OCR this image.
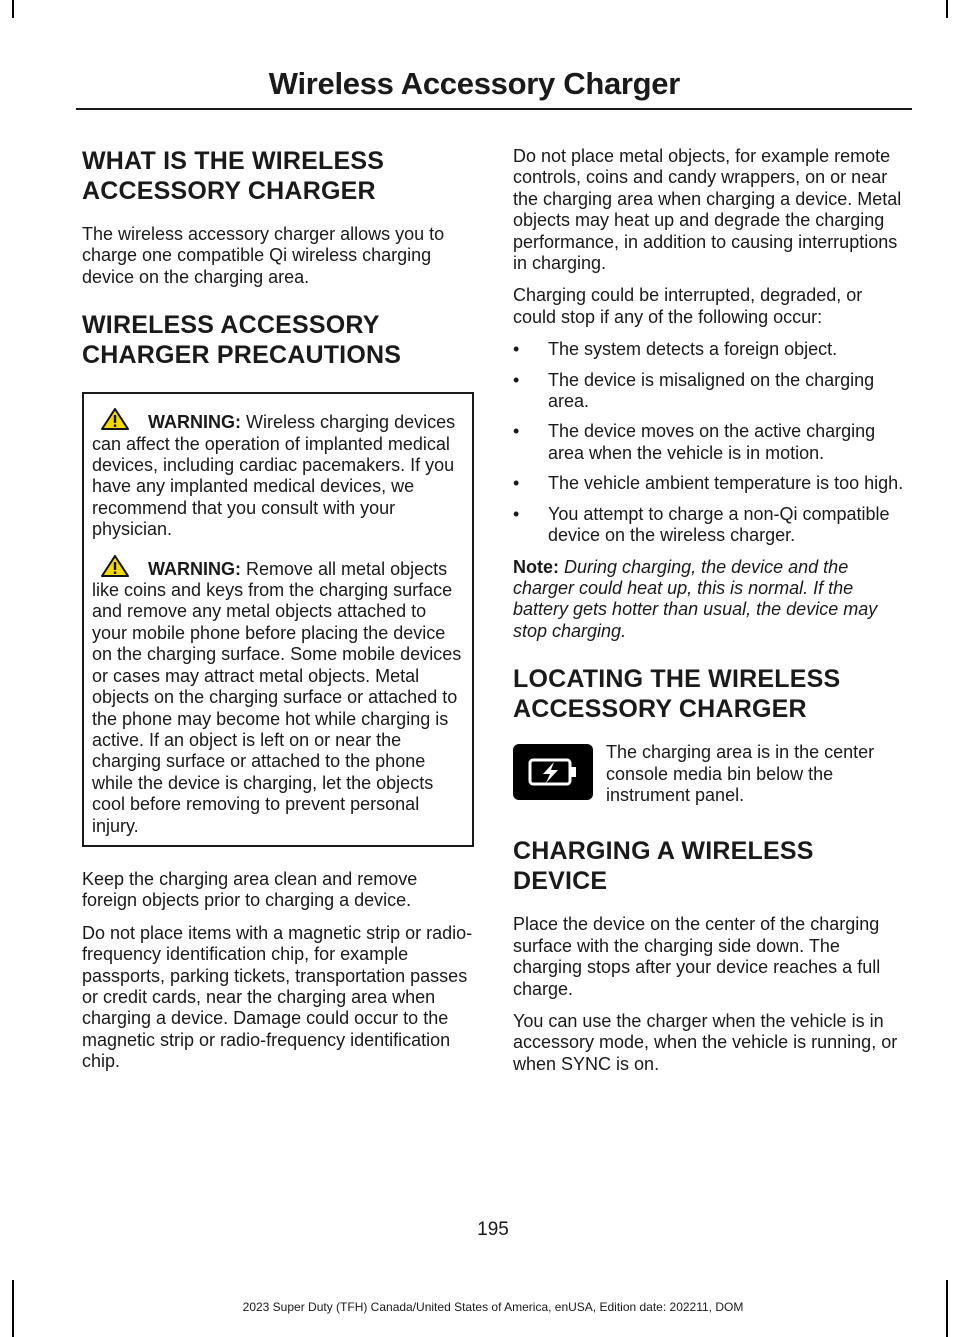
Wireless Accessory Charger
WHAT IS THE WIRELESS
ACCESSORY CHARGER

The wireless accessory charger allows you to charge one compatible Qi wireless charging device on the charging area.

WIRELESS ACCESSORY
CHARGER PRECAUTIONS

WARNING: Wireless charging devices can affect the operation of implanted medical devices, including cardiac pacemakers. If you have any implanted medical devices, we recommend that you consult with your physician.

WARNING: Remove all metal objects like coins and keys from the charging surface and remove any metal objects attached to your mobile phone before placing the device on the charging surface. Some mobile devices or cases may attract metal objects. Metal objects on the charging surface or attached to the phone may become hot while charging is active. If an object is left on or near the charging surface or attached to the phone while the device is charging, let the objects cool before removing to prevent personal injury.

Keep the charging area clean and remove foreign objects prior to charging a device.

Do not place items with a magnetic strip or radio-frequency identification chip, for example passports, parking tickets, transportation passes or credit cards, near the charging area when charging a device. Damage could occur to the magnetic strip or radio-frequency identification chip.

Do not place metal objects, for example remote controls, coins and candy wrappers, on or near the charging area when charging a device. Metal objects may heat up and degrade the charging performance, in addition to causing interruptions in charging.

Charging could be interrupted, degraded, or could stop if any of the following occur:

• The system detects a foreign object.
• The device is misaligned on the charging area.
• The device moves on the active charging area when the vehicle is in motion.
• The vehicle ambient temperature is too high.
• You attempt to charge a non-Qi compatible device on the wireless charger.

Note: During charging, the device and the charger could heat up, this is normal. If the battery gets hotter than usual, the device may stop charging.

LOCATING THE WIRELESS
ACCESSORY CHARGER

The charging area is in the center console media bin below the instrument panel.

CHARGING A WIRELESS
DEVICE

Place the device on the center of the charging surface with the charging side down. The charging stops after your device reaches a full charge.

You can use the charger when the vehicle is in accessory mode, when the vehicle is running, or when SYNC is on.

195
2023 Super Duty (TFH) Canada/United States of America, enUSA, Edition date: 202211, DOM
